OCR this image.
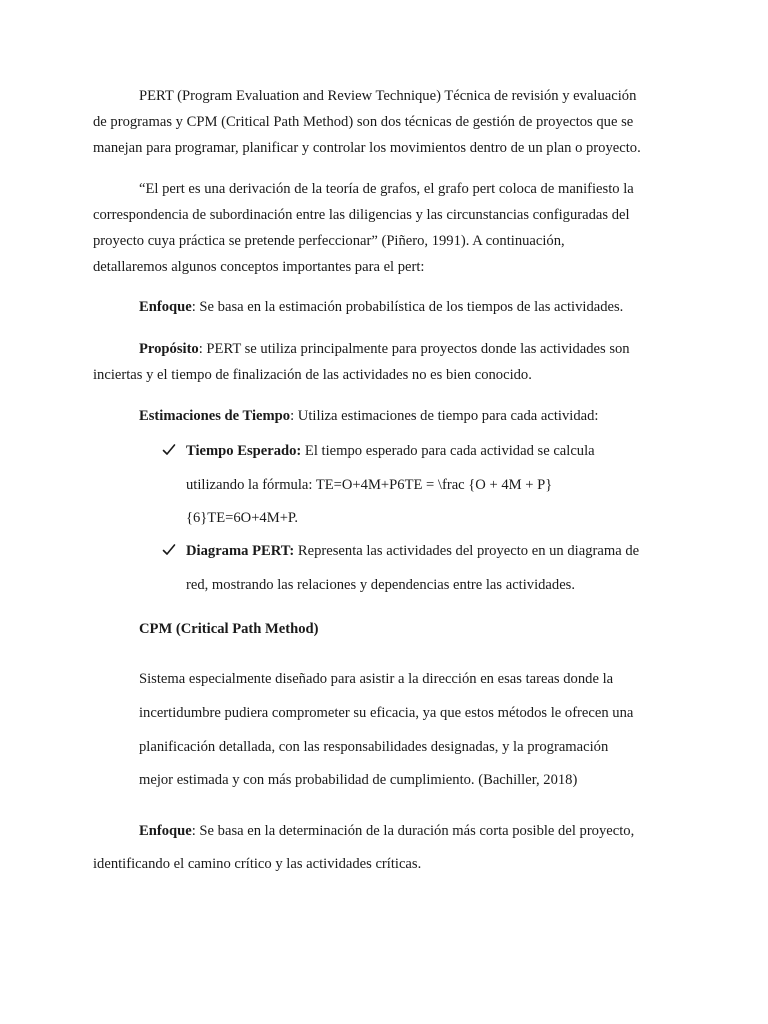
PERT (Program Evaluation and Review Technique) Técnica de revisión y evaluación
de programas y CPM (Critical Path Method) son dos técnicas de gestión de proyectos que se
manejan para programar, planificar y controlar los movimientos dentro de un plan o proyecto.
“El pert es una derivación de la teoría de grafos, el grafo pert coloca de manifiesto la
correspondencia de subordinación entre las diligencias y las circunstancias configuradas del
proyecto cuya práctica se pretende perfeccionar” (Piñero, 1991). A continuación,
detallaremos algunos conceptos importantes para el pert:
Enfoque: Se basa en la estimación probabilística de los tiempos de las actividades.
Propósito: PERT se utiliza principalmente para proyectos donde las actividades son
inciertas y el tiempo de finalización de las actividades no es bien conocido.
Estimaciones de Tiempo: Utiliza estimaciones de tiempo para cada actividad:
Tiempo Esperado: El tiempo esperado para cada actividad se calcula
utilizando la fórmula: TE=O+4M+P6TE = \frac {O + 4M + P}
{6}TE=6O+4M+P.
Diagrama PERT: Representa las actividades del proyecto en un diagrama de
red, mostrando las relaciones y dependencias entre las actividades.
CPM (Critical Path Method)
Sistema especialmente diseñado para asistir a la dirección en esas tareas donde la
incertidumbre pudiera comprometer su eficacia, ya que estos métodos le ofrecen una
planificación detallada, con las responsabilidades designadas, y la programación
mejor estimada y con más probabilidad de cumplimiento. (Bachiller, 2018)
Enfoque: Se basa en la determinación de la duración más corta posible del proyecto,
identificando el camino crítico y las actividades críticas.
